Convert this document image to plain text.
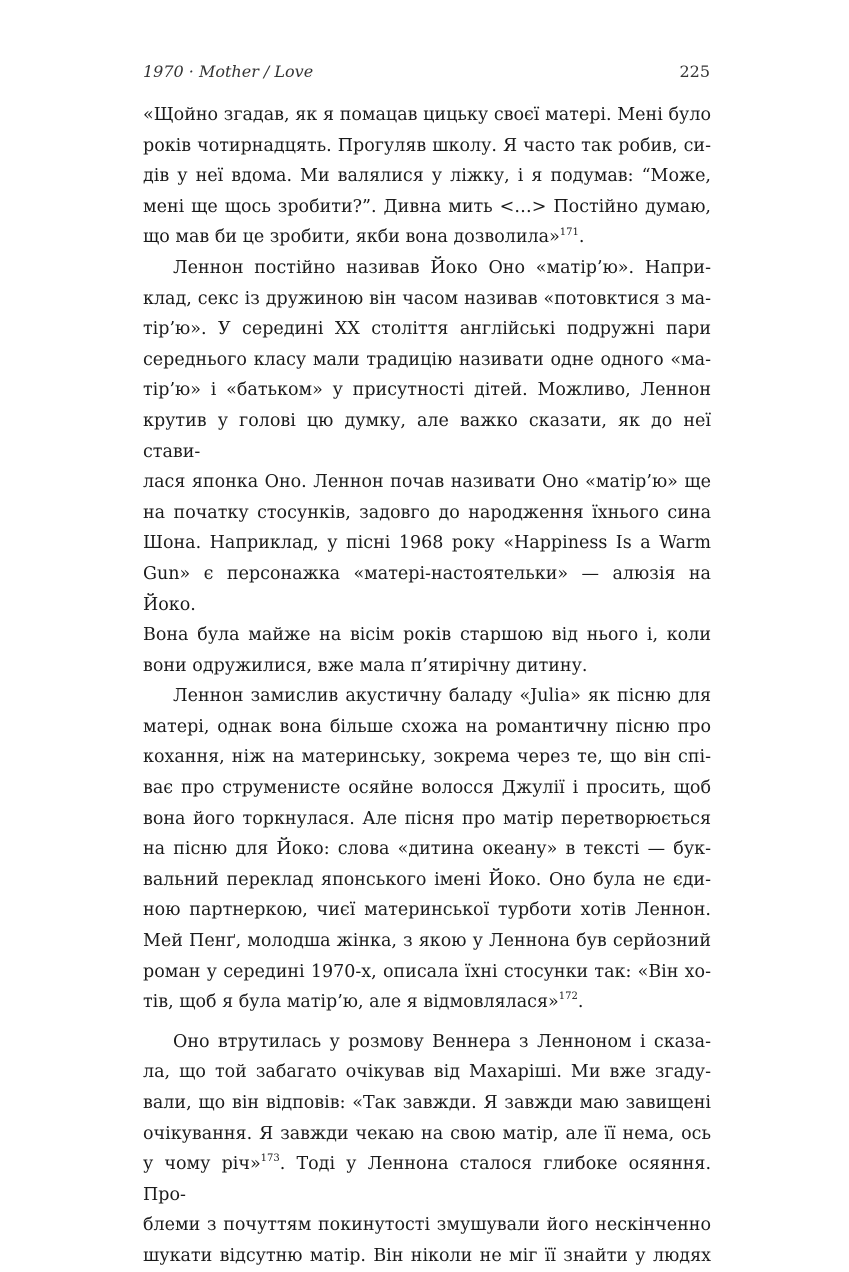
1970 · Mother / Love	225

«Щойно згадав, як я помацав цицьку своєї матері. Мені було

років чотирнадцять. Прогуляв школу. Я часто так робив, си-

дів у неї вдома. Ми валялися у ліжку, і я подумав: “Може,

мені ще щось зробити?”. Дивна мить <…> Постійно думаю,

що мав би це зробити, якби вона дозволила»$^{171}$.

Леннон постійно називав Йоко Оно «матір’ю». Напри-

клад, секс із дружиною він часом називав «потовктися з ма-

тір’ю». У середині XX століття англійські подружні пари

середнього класу мали традицію називати одне одного «ма-

тір’ю» і «батьком» у присутності дітей. Можливо, Леннон

крутив у голові цю думку, але важко сказати, як до неї стави-

лася японка Оно. Леннон почав називати Оно «матір’ю» ще

на початку стосунків, задовго до народження їхнього сина

Шона. Наприклад, у пісні 1968 року «Happiness Is a Warm

Gun» є персонажка «матері-настоятельки» — алюзія на Йоко.

Вона була майже на вісім років старшою від нього і, коли

вони одружилися, вже мала п’ятирічну дитину.

Леннон замислив акустичну баладу «Julia» як пісню для

матері, однак вона більше схожа на романтичну пісню про

кохання, ніж на материнську, зокрема через те, що він спі-

ває про струменисте осяйне волосся Джулії і просить, щоб

вона його торкнулася. Але пісня про матір перетворюється

на пісню для Йоко: слова «дитина океану» в тексті — бук-

вальний переклад японського імені Йоко. Оно була не єди-

ною партнеркою, чиєї материнської турботи хотів Леннон.

Мей Пенґ, молодша жінка, з якою у Леннона був серйозний

роман у середині 1970-х, описала їхні стосунки так: «Він хо-

тів, щоб я була матір’ю, але я відмовлялася»$^{172}$.

Оно втрутилась у розмову Веннера з Ленноном і сказа-

ла, що той забагато очікував від Махаріші. Ми вже згаду-

вали, що він відповів: «Так завжди. Я завжди маю завищені

очікування. Я завжди чекаю на свою матір, але її нема, ось

у чому річ»$^{173}$. Тоді у Леннона сталося глибоке осяяння. Про-

блеми з почуттям покинутості змушували його нескінченно

шукати відсутню матір. Він ніколи не міг її знайти у людях
